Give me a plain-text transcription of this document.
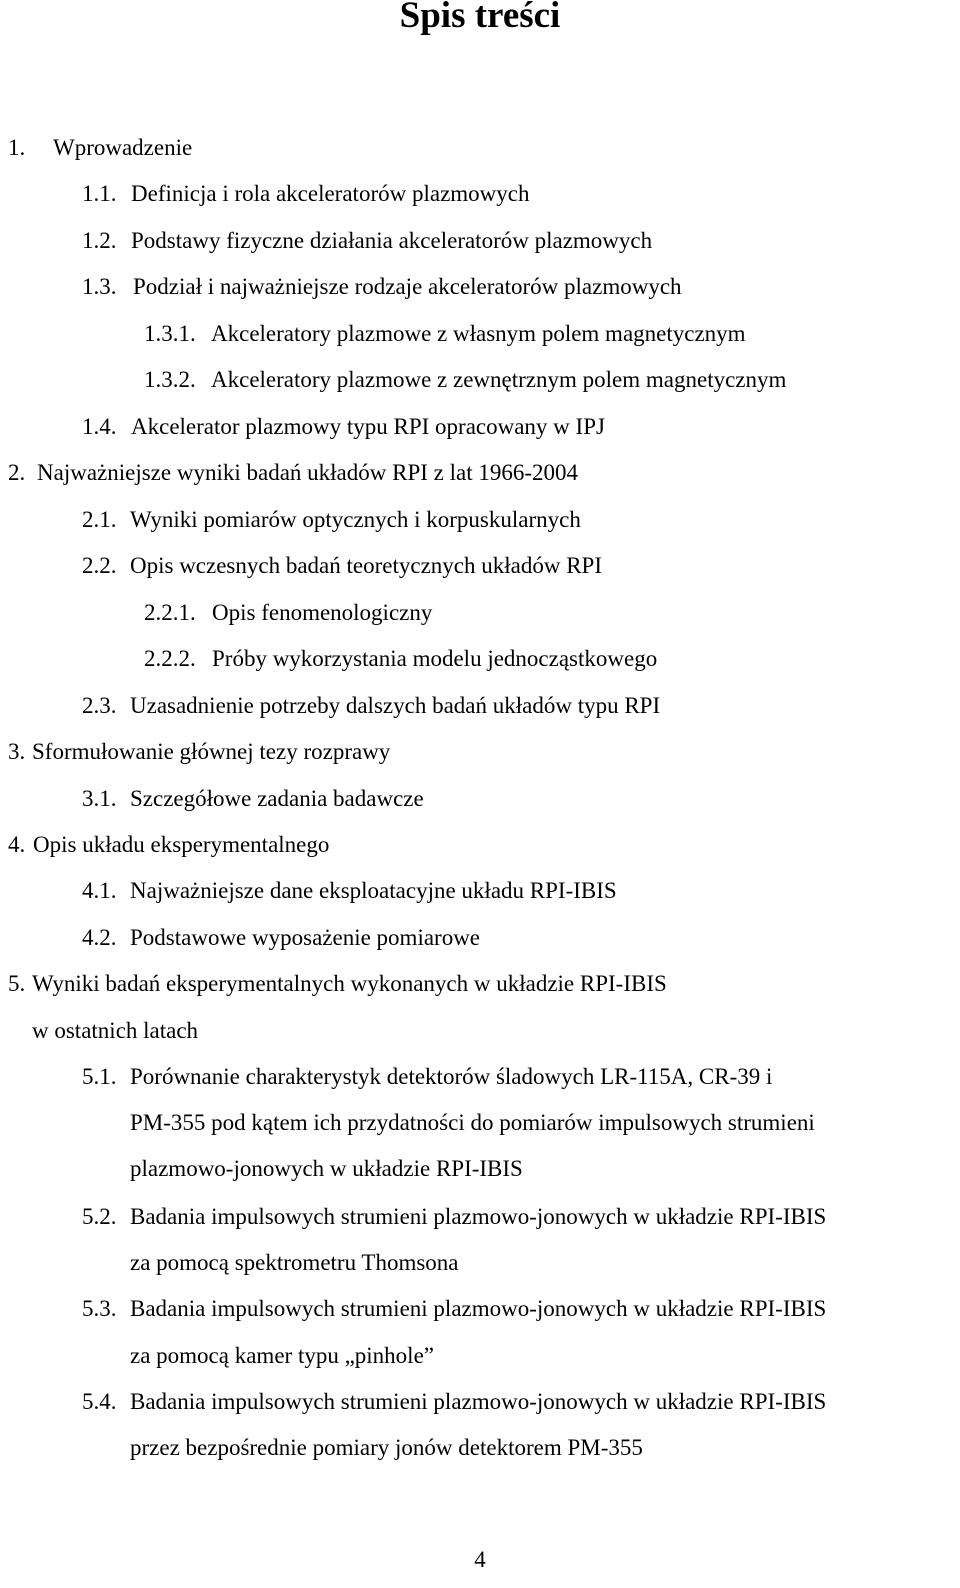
Spis treści
1. Wprowadzenie
1.1. Definicja i rola akceleratorów plazmowych
1.2. Podstawy fizyczne działania akceleratorów plazmowych
1.3. Podział i najważniejsze rodzaje akceleratorów plazmowych
1.3.1. Akceleratory plazmowe z własnym polem magnetycznym
1.3.2. Akceleratory plazmowe z zewnętrznym polem magnetycznym
1.4. Akcelerator plazmowy typu RPI opracowany w IPJ
2. Najważniejsze wyniki badań układów RPI z lat 1966-2004
2.1. Wyniki pomiarów optycznych i korpuskularnych
2.2. Opis wczesnych badań teoretycznych układów RPI
2.2.1. Opis fenomenologiczny
2.2.2. Próby wykorzystania modelu jednocząstkowego
2.3. Uzasadnienie potrzeby dalszych badań układów typu RPI
3. Sformułowanie głównej tezy rozprawy
3.1. Szczegółowe zadania badawcze
4. Opis układu eksperymentalnego
4.1. Najważniejsze dane eksploatacyjne układu RPI-IBIS
4.2. Podstawowe wyposażenie pomiarowe
5. Wyniki badań eksperymentalnych wykonanych w układzie RPI-IBIS
w ostatnich latach
5.1. Porównanie charakterystyk detektorów śladowych LR-115A, CR-39 i
PM-355 pod kątem ich przydatności do pomiarów impulsowych strumieni
plazmowo-jonowych w układzie RPI-IBIS
5.2. Badania impulsowych strumieni plazmowo-jonowych w układzie RPI-IBIS
za pomocą spektrometru Thomsona
5.3. Badania impulsowych strumieni plazmowo-jonowych w układzie RPI-IBIS
za pomocą kamer typu „pinhole”
5.4. Badania impulsowych strumieni plazmowo-jonowych w układzie RPI-IBIS
przez bezpośrednie pomiary jonów detektorem PM-355
4
